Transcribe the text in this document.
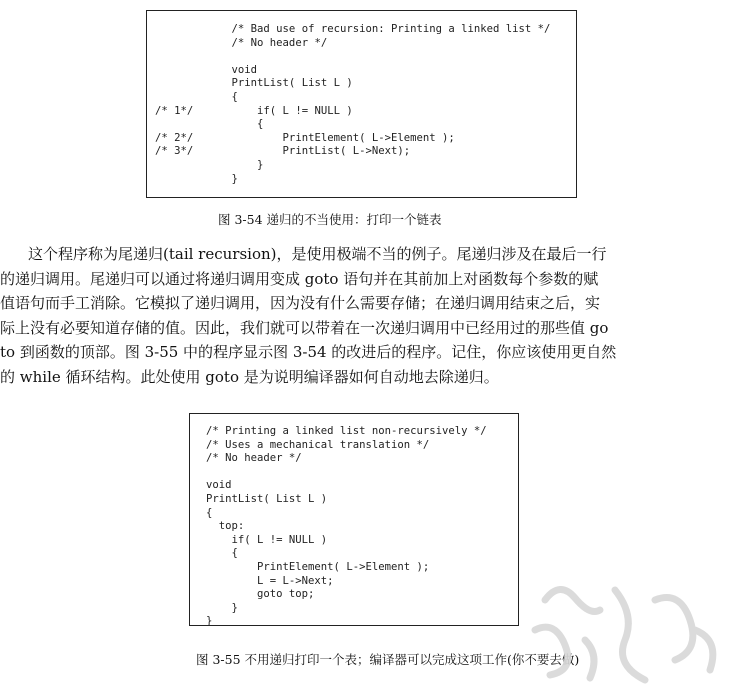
/* Bad use of recursion: Printing a linked list */
/* No header */

void
PrintList( List L )
{
/* 1*/          if( L != NULL )
{
/* 2*/              PrintElement( L->Element );
/* 3*/              PrintList( L->Next);
}
}
图 3-54 递归的不当使用：打印一个链表
这个程序称为尾递归(tail recursion)，是使用极端不当的例子。尾递归涉及在最后一行
的递归调用。尾递归可以通过将递归调用变成 goto 语句并在其前加上对函数每个参数的赋
值语句而手工消除。它模拟了递归调用，因为没有什么需要存储；在递归调用结束之后，实
际上没有必要知道存储的值。因此，我们就可以带着在一次递归调用中已经用过的那些值 go
to 到函数的顶部。图 3-55 中的程序显示图 3-54 的改进后的程序。记住，你应该使用更自然
的 while 循环结构。此处使用 goto 是为说明编译器如何自动地去除递归。
/* Printing a linked list non-recursively */
/* Uses a mechanical translation */
/* No header */

void
PrintList( List L )
{
top:
if( L != NULL )
{
PrintElement( L->Element );
L = L->Next;
goto top;
}
}
图 3-55 不用递归打印一个表；编译器可以完成这项工作(你不要去做)
